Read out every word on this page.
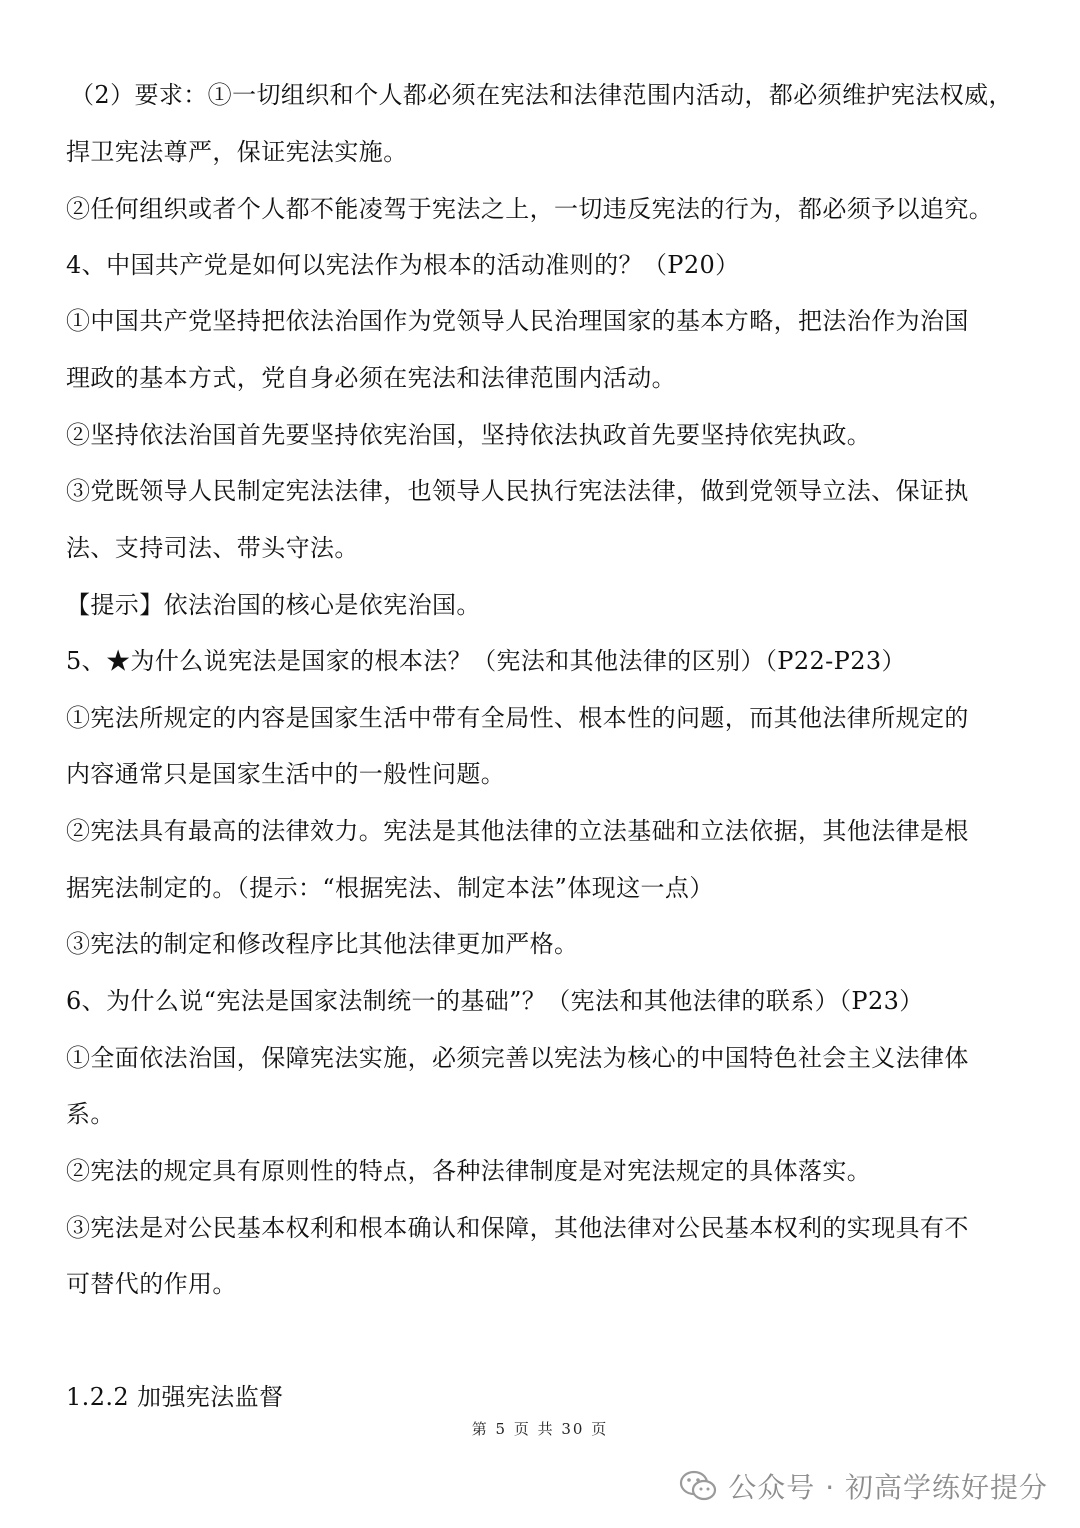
（2）要求：①一切组织和个人都必须在宪法和法律范围内活动，都必须维护宪法权威，
捍卫宪法尊严，保证宪法实施。
②任何组织或者个人都不能凌驾于宪法之上，一切违反宪法的行为，都必须予以追究。
4、中国共产党是如何以宪法作为根本的活动准则的？（P20）
①中国共产党坚持把依法治国作为党领导人民治理国家的基本方略，把法治作为治国
理政的基本方式，党自身必须在宪法和法律范围内活动。
②坚持依法治国首先要坚持依宪治国，坚持依法执政首先要坚持依宪执政。
③党既领导人民制定宪法法律，也领导人民执行宪法法律，做到党领导立法、保证执
法、支持司法、带头守法。
【提示】依法治国的核心是依宪治国。
5、★为什么说宪法是国家的根本法？（宪法和其他法律的区别）（P22-P23）
①宪法所规定的内容是国家生活中带有全局性、根本性的问题，而其他法律所规定的
内容通常只是国家生活中的一般性问题。
②宪法具有最高的法律效力。宪法是其他法律的立法基础和立法依据，其他法律是根
据宪法制定的。（提示：“根据宪法、制定本法”体现这一点）
③宪法的制定和修改程序比其他法律更加严格。
6、为什么说“宪法是国家法制统一的基础”？（宪法和其他法律的联系）（P23）
①全面依法治国，保障宪法实施，必须完善以宪法为核心的中国特色社会主义法律体
系。
②宪法的规定具有原则性的特点，各种法律制度是对宪法规定的具体落实。
③宪法是对公民基本权利和根本确认和保障，其他法律对公民基本权利的实现具有不
可替代的作用。
1.2.2 加强宪法监督
第 5 页 共 30 页
公众号 · 初高学练好提分
